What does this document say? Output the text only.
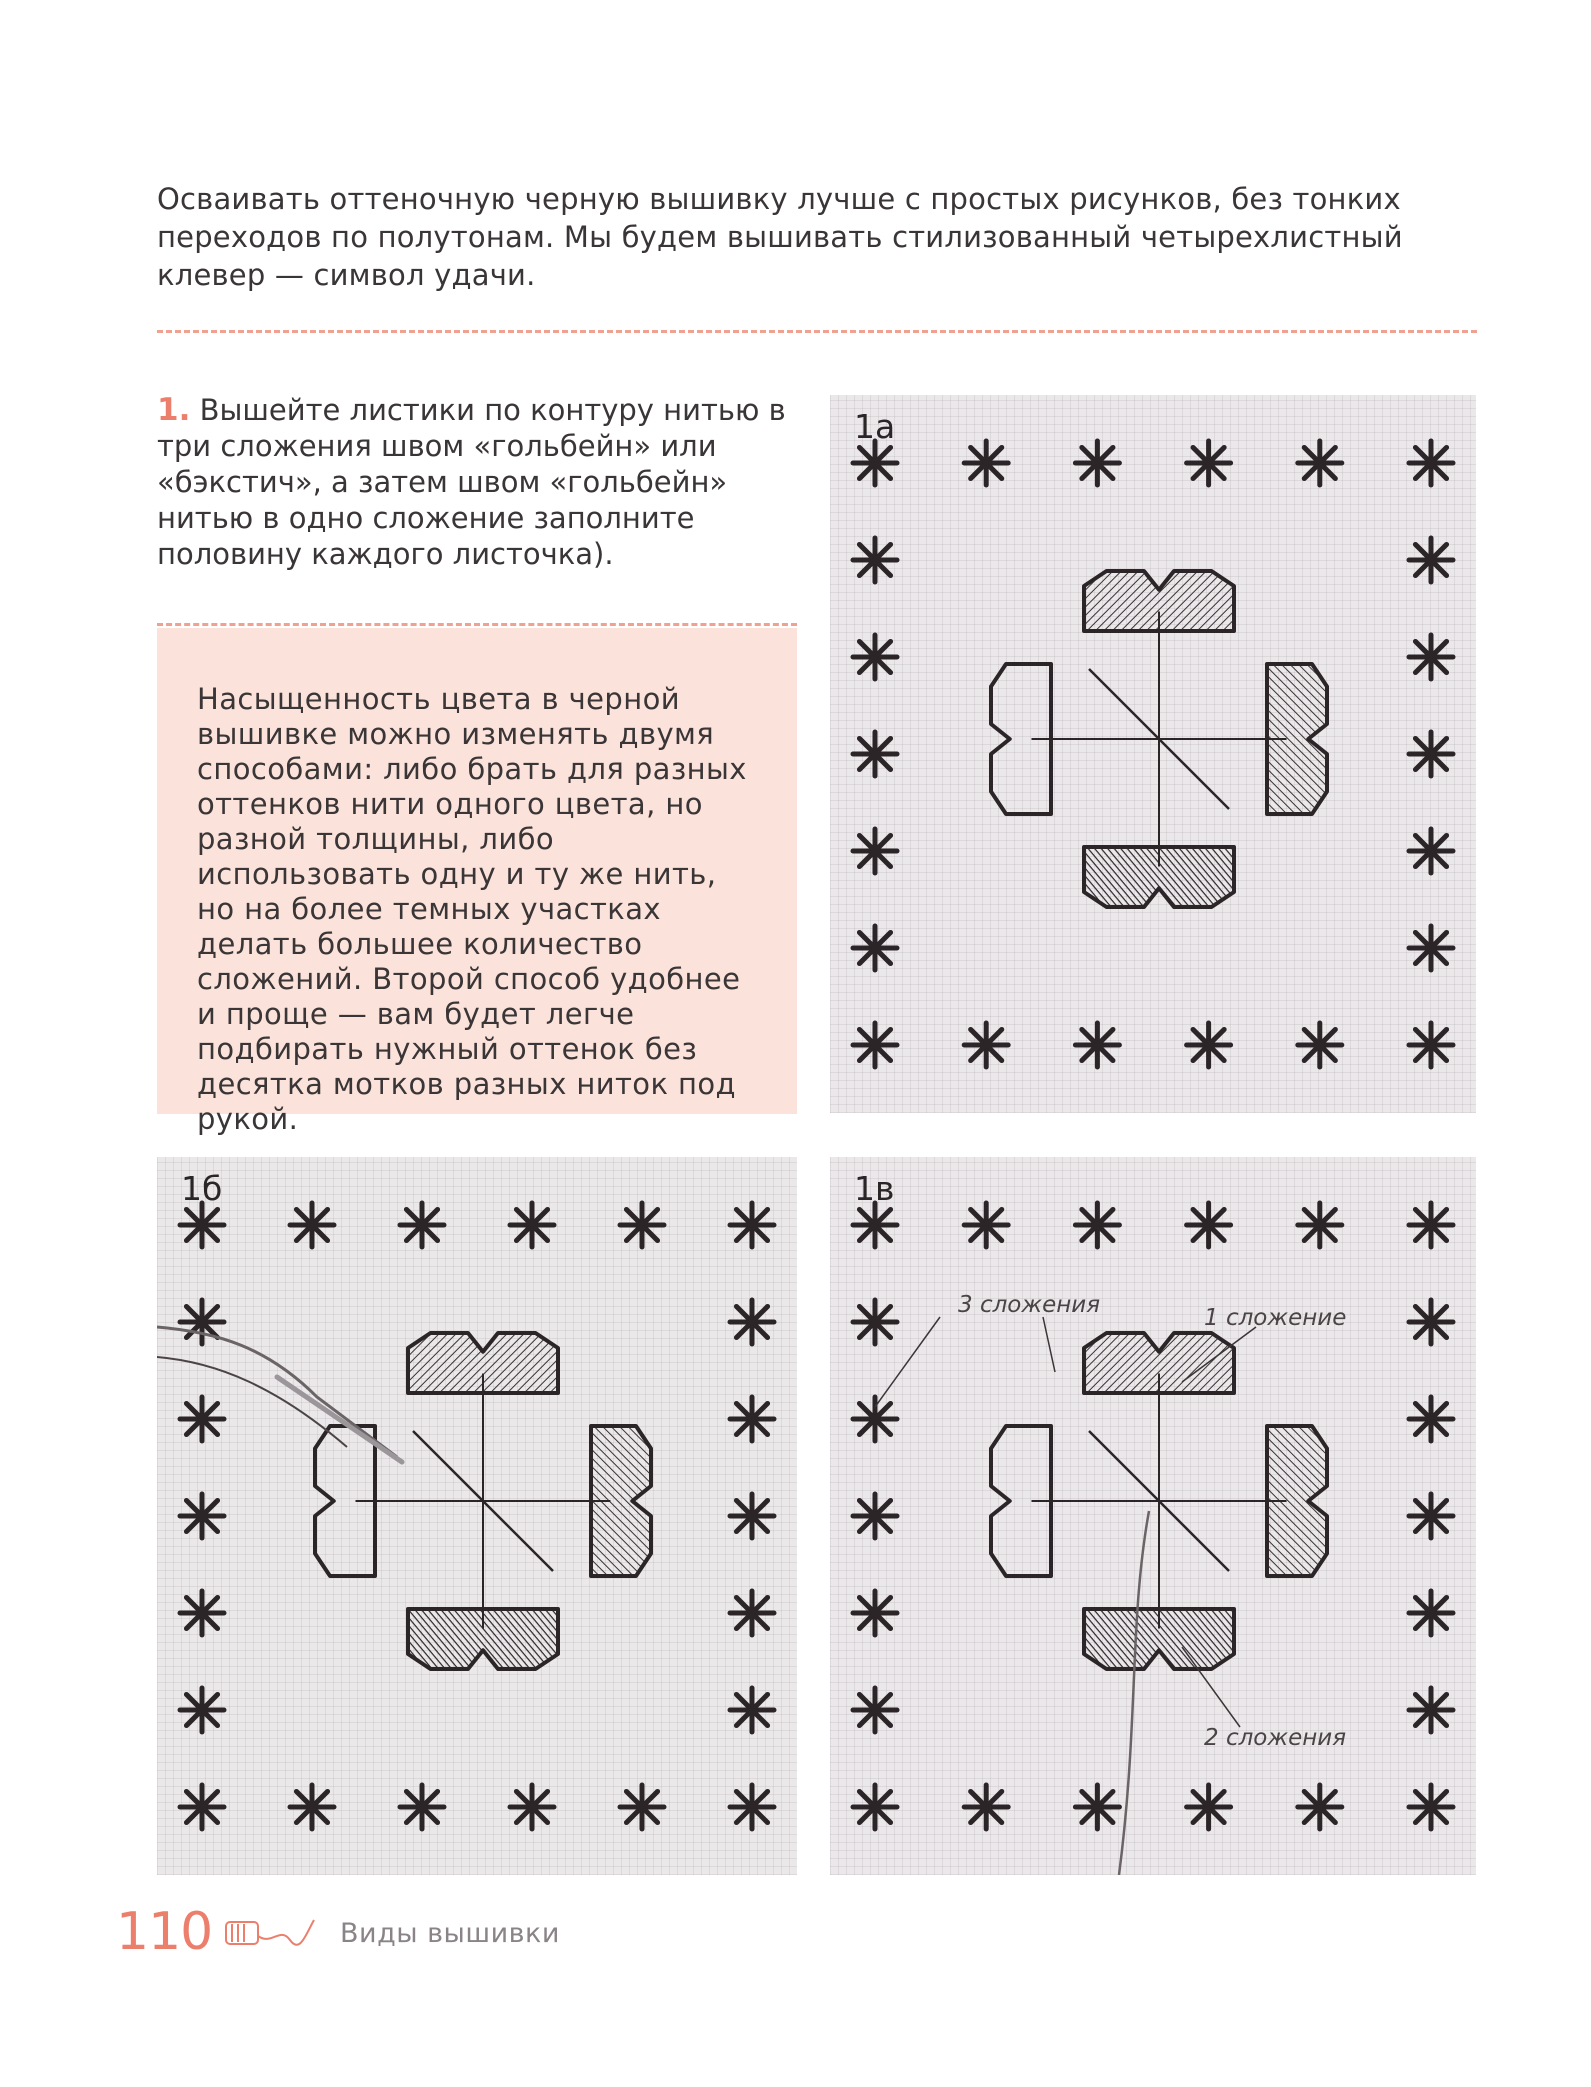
Осваивать оттеночную черную вышивку лучше с простых рисунков, без тонких переходов по полутонам. Мы будем вышивать стилизованный четырехлистный клевер — символ удачи.

1. Вышейте листики по контуру нитью в три сложения швом «гольбейн» или «бэкстич», а затем швом «гольбейн» нитью в одно сложение заполните половину каждого листочка).

Насыщенность цвета в черной вышивке можно изменять двумя способами: либо брать для разных оттенков нити одного цвета, но разной толщины, либо использовать одну и ту же нить, но на более темных участках делать большее количество сложений. Второй способ удобнее и проще — вам будет легче подбирать нужный оттенок без десятка мотков разных ниток под рукой.

1а
1б	1в
3 сложения	1 сложение
2 сложения
110	Виды вышивки
